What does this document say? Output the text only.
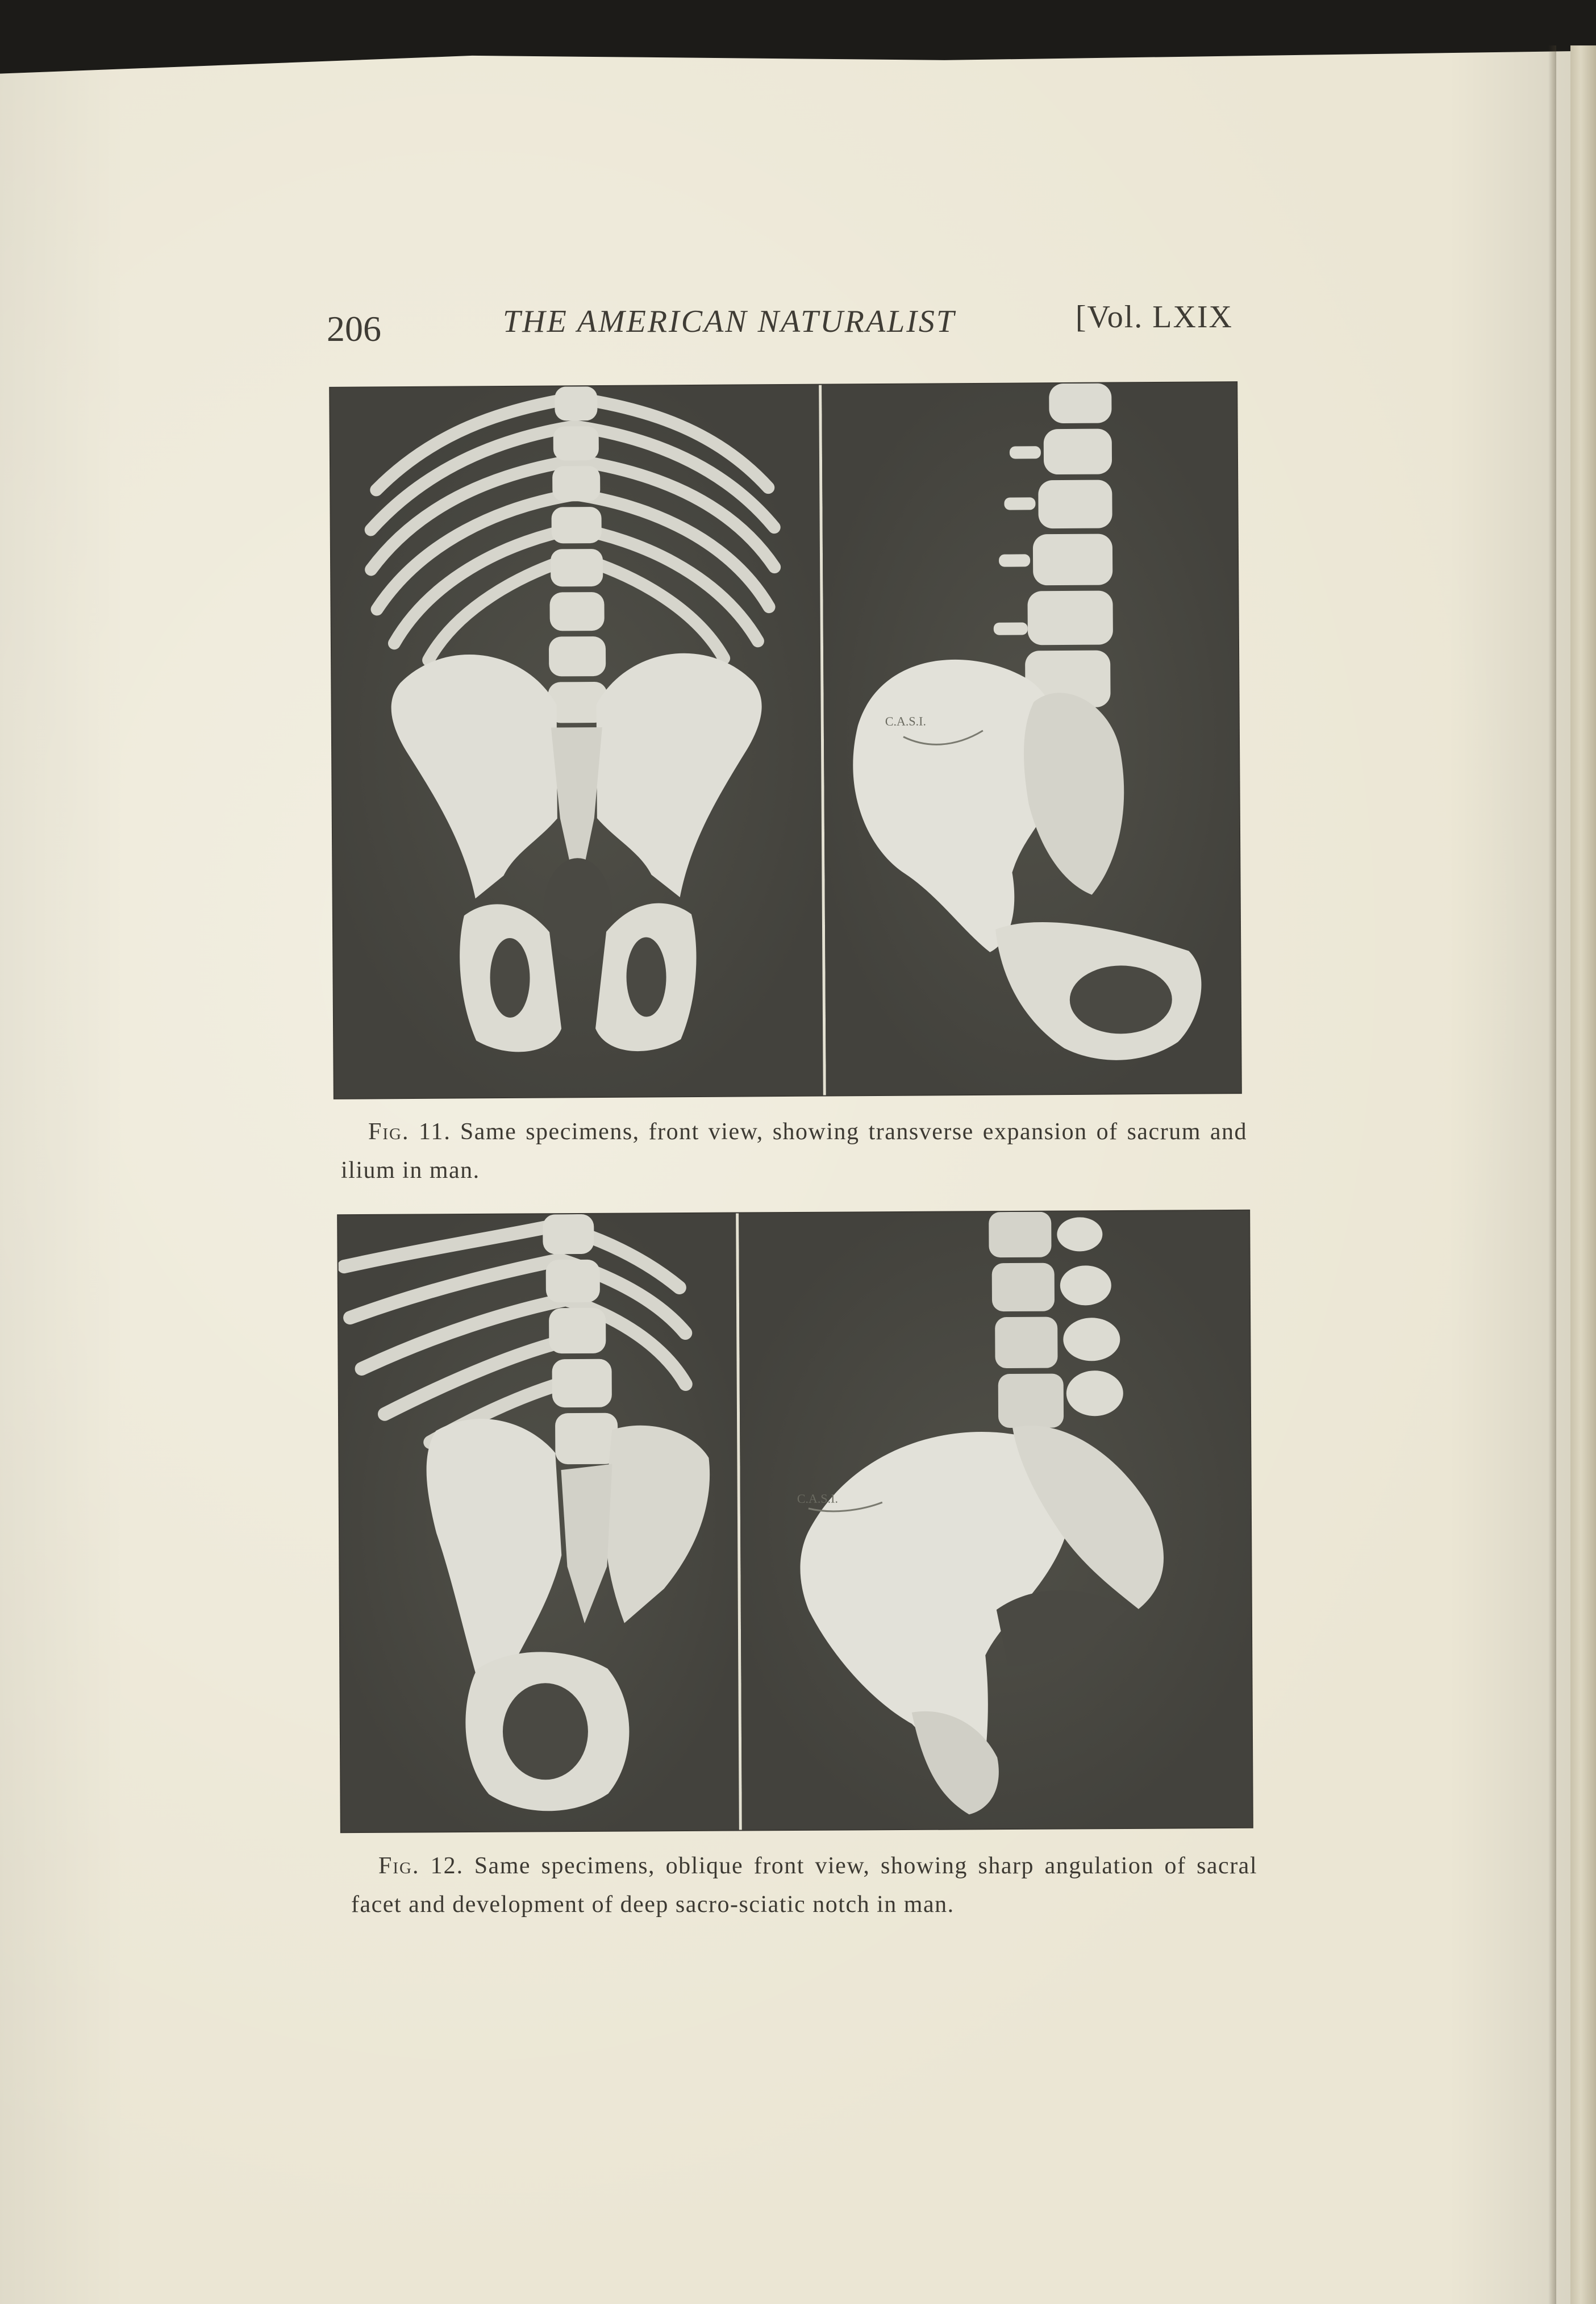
206	THE AMERICAN NATURALIST	[Vol. LXIX
C.A.S.I.
Fig. 11. Same specimens, front view, showing transverse expansion of sacrum and ilium in man.
C.A.S.I.
Fig. 12. Same specimens, oblique front view, showing sharp angulation of sacral facet and development of deep sacro-sciatic notch in man.
